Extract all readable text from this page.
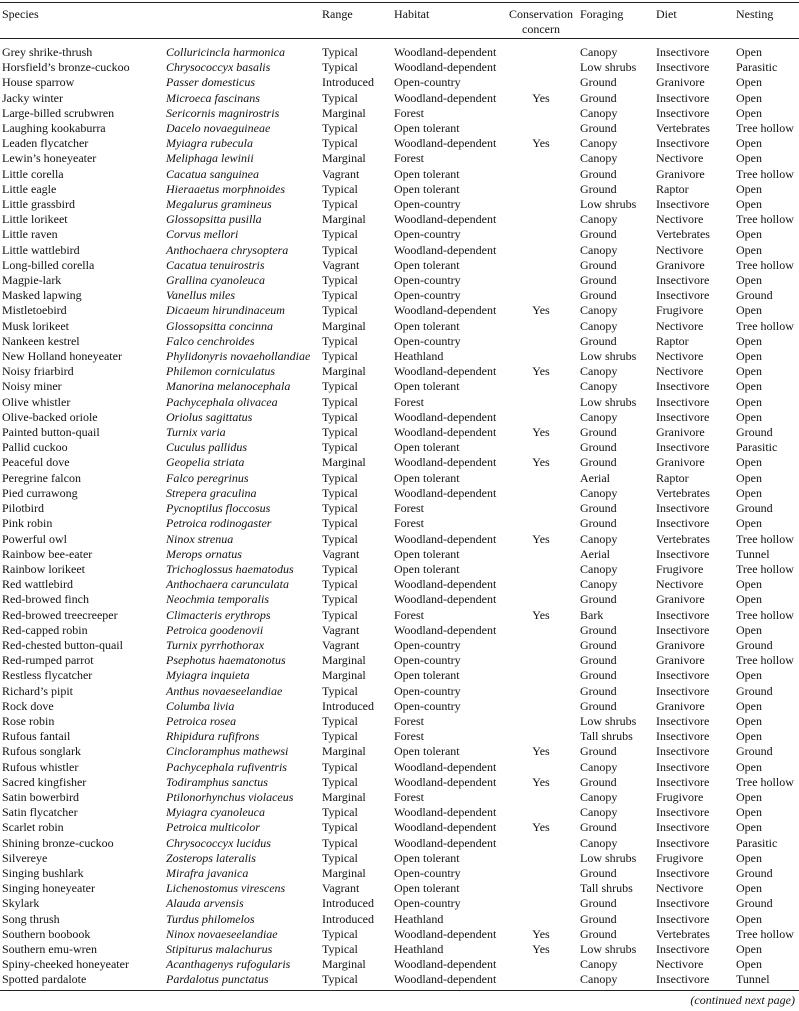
Species		Range	Habitat	Conservation concern	Foraging	Diet	Nesting
Grey shrike-thrush	Colluricincla harmonica	Typical	Woodland-dependent		Canopy	Insectivore	Open
Horsfield’s bronze-cuckoo	Chrysococcyx basalis	Typical	Woodland-dependent		Low shrubs	Insectivore	Parasitic
House sparrow	Passer domesticus	Introduced	Open-country		Ground	Granivore	Open
Jacky winter	Microeca fascinans	Typical	Woodland-dependent	Yes	Ground	Insectivore	Open
Large-billed scrubwren	Sericornis magnirostris	Marginal	Forest		Canopy	Insectivore	Open
Laughing kookaburra	Dacelo novaeguineae	Typical	Open tolerant		Ground	Vertebrates	Tree hollow
Leaden flycatcher	Myiagra rubecula	Typical	Woodland-dependent	Yes	Canopy	Insectivore	Open
Lewin’s honeyeater	Meliphaga lewinii	Marginal	Forest		Canopy	Nectivore	Open
Little corella	Cacatua sanguinea	Vagrant	Open tolerant		Ground	Granivore	Tree hollow
Little eagle	Hieraaetus morphnoides	Typical	Open tolerant		Ground	Raptor	Open
Little grassbird	Megalurus gramineus	Typical	Open-country		Low shrubs	Insectivore	Open
Little lorikeet	Glossopsitta pusilla	Marginal	Woodland-dependent		Canopy	Nectivore	Tree hollow
Little raven	Corvus mellori	Typical	Open-country		Ground	Vertebrates	Open
Little wattlebird	Anthochaera chrysoptera	Typical	Woodland-dependent		Canopy	Nectivore	Open
Long-billed corella	Cacatua tenuirostris	Vagrant	Open tolerant		Ground	Granivore	Tree hollow
Magpie-lark	Grallina cyanoleuca	Typical	Open-country		Ground	Insectivore	Open
Masked lapwing	Vanellus miles	Typical	Open-country		Ground	Insectivore	Ground
Mistletoebird	Dicaeum hirundinaceum	Typical	Woodland-dependent	Yes	Canopy	Frugivore	Open
Musk lorikeet	Glossopsitta concinna	Marginal	Open tolerant		Canopy	Nectivore	Tree hollow
Nankeen kestrel	Falco cenchroides	Typical	Open-country		Ground	Raptor	Open
New Holland honeyeater	Phylidonyris novaehollandiae	Typical	Heathland		Low shrubs	Nectivore	Open
Noisy friarbird	Philemon corniculatus	Marginal	Woodland-dependent	Yes	Canopy	Nectivore	Open
Noisy miner	Manorina melanocephala	Typical	Open tolerant		Canopy	Insectivore	Open
Olive whistler	Pachycephala olivacea	Typical	Forest		Low shrubs	Insectivore	Open
Olive-backed oriole	Oriolus sagittatus	Typical	Woodland-dependent		Canopy	Insectivore	Open
Painted button-quail	Turnix varia	Typical	Woodland-dependent	Yes	Ground	Granivore	Ground
Pallid cuckoo	Cuculus pallidus	Typical	Open tolerant		Ground	Insectivore	Parasitic
Peaceful dove	Geopelia striata	Marginal	Woodland-dependent	Yes	Ground	Granivore	Open
Peregrine falcon	Falco peregrinus	Typical	Open tolerant		Aerial	Raptor	Open
Pied currawong	Strepera graculina	Typical	Woodland-dependent		Canopy	Vertebrates	Open
Pilotbird	Pycnoptilus floccosus	Typical	Forest		Ground	Insectivore	Ground
Pink robin	Petroica rodinogaster	Typical	Forest		Ground	Insectivore	Open
Powerful owl	Ninox strenua	Typical	Woodland-dependent	Yes	Canopy	Vertebrates	Tree hollow
Rainbow bee-eater	Merops ornatus	Vagrant	Open tolerant		Aerial	Insectivore	Tunnel
Rainbow lorikeet	Trichoglossus haematodus	Typical	Open tolerant		Canopy	Frugivore	Tree hollow
Red wattlebird	Anthochaera carunculata	Typical	Woodland-dependent		Canopy	Nectivore	Open
Red-browed finch	Neochmia temporalis	Typical	Woodland-dependent		Ground	Granivore	Open
Red-browed treecreeper	Climacteris erythrops	Typical	Forest	Yes	Bark	Insectivore	Tree hollow
Red-capped robin	Petroica goodenovii	Vagrant	Woodland-dependent		Ground	Insectivore	Open
Red-chested button-quail	Turnix pyrrhothorax	Vagrant	Open-country		Ground	Granivore	Ground
Red-rumped parrot	Psephotus haematonotus	Marginal	Open-country		Ground	Granivore	Tree hollow
Restless flycatcher	Myiagra inquieta	Marginal	Open tolerant		Ground	Insectivore	Open
Richard’s pipit	Anthus novaeseelandiae	Typical	Open-country		Ground	Insectivore	Ground
Rock dove	Columba livia	Introduced	Open-country		Ground	Granivore	Open
Rose robin	Petroica rosea	Typical	Forest		Low shrubs	Insectivore	Open
Rufous fantail	Rhipidura rufifrons	Typical	Forest		Tall shrubs	Insectivore	Open
Rufous songlark	Cincloramphus mathewsi	Marginal	Open tolerant	Yes	Ground	Insectivore	Ground
Rufous whistler	Pachycephala rufiventris	Typical	Woodland-dependent		Canopy	Insectivore	Open
Sacred kingfisher	Todiramphus sanctus	Typical	Woodland-dependent	Yes	Ground	Insectivore	Tree hollow
Satin bowerbird	Ptilonorhynchus violaceus	Marginal	Forest		Canopy	Frugivore	Open
Satin flycatcher	Myiagra cyanoleuca	Typical	Woodland-dependent		Canopy	Insectivore	Open
Scarlet robin	Petroica multicolor	Typical	Woodland-dependent	Yes	Ground	Insectivore	Open
Shining bronze-cuckoo	Chrysococcyx lucidus	Typical	Woodland-dependent		Canopy	Insectivore	Parasitic
Silvereye	Zosterops lateralis	Typical	Open tolerant		Low shrubs	Frugivore	Open
Singing bushlark	Mirafra javanica	Marginal	Open-country		Ground	Insectivore	Ground
Singing honeyeater	Lichenostomus virescens	Vagrant	Open tolerant		Tall shrubs	Nectivore	Open
Skylark	Alauda arvensis	Introduced	Open-country		Ground	Insectivore	Ground
Song thrush	Turdus philomelos	Introduced	Heathland		Ground	Insectivore	Open
Southern boobook	Ninox novaeseelandiae	Typical	Woodland-dependent	Yes	Ground	Vertebrates	Tree hollow
Southern emu-wren	Stipiturus malachurus	Typical	Heathland	Yes	Low shrubs	Insectivore	Open
Spiny-cheeked honeyeater	Acanthagenys rufogularis	Marginal	Woodland-dependent		Canopy	Nectivore	Open
Spotted pardalote	Pardalotus punctatus	Typical	Woodland-dependent		Canopy	Insectivore	Tunnel
(continued next page)
